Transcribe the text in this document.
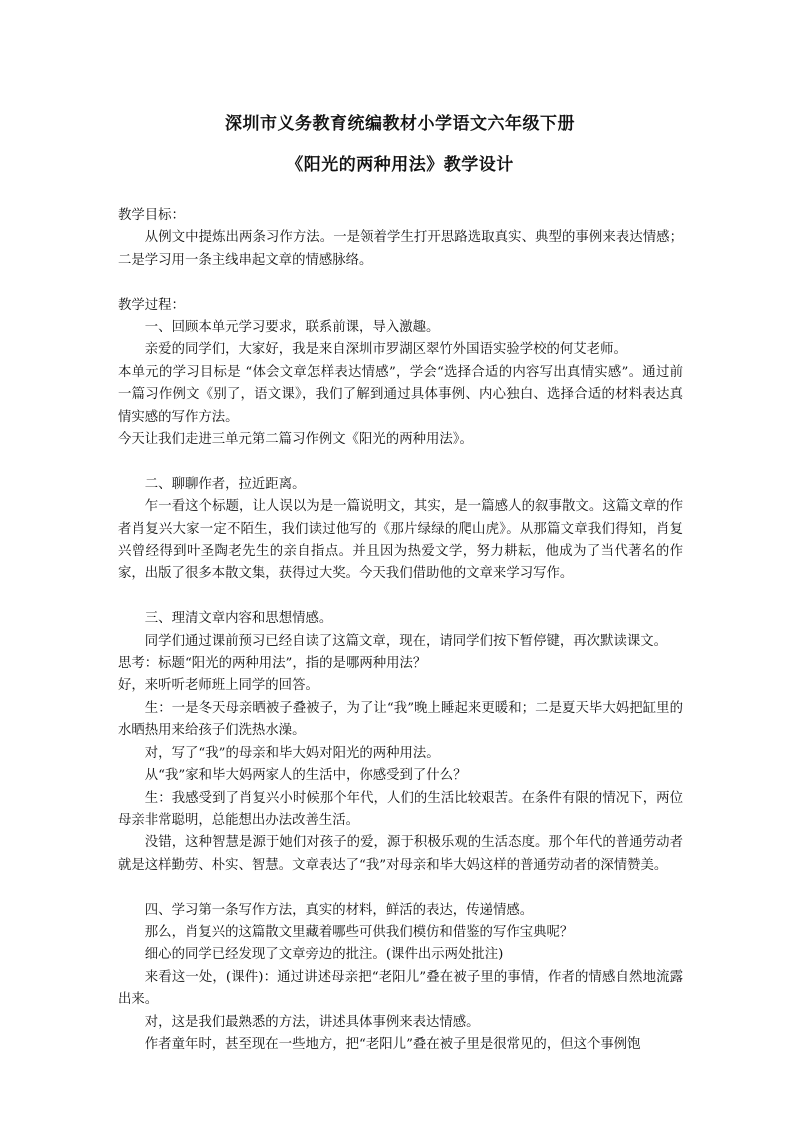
深圳市义务教育统编教材小学语文六年级下册
《阳光的两种用法》教学设计

教学目标：

从例文中提炼出两条习作方法。一是领着学生打开思路选取真实、典型的事例来表达情感；二是学习用一条主线串起文章的情感脉络。

教学过程：

一、回顾本单元学习要求，联系前课，导入激趣。

亲爱的同学们，大家好，我是来自深圳市罗湖区翠竹外国语实验学校的何艾老师。

本单元的学习目标是 “体会文章怎样表达情感”，学会“选择合适的内容写出真情实感”。通过前一篇习作例文《别了，语文课》，我们了解到通过具体事例、内心独白、选择合适的材料表达真情实感的写作方法。

今天让我们走进三单元第二篇习作例文《阳光的两种用法》。

二、聊聊作者，拉近距离。

乍一看这个标题，让人误以为是一篇说明文，其实，是一篇感人的叙事散文。这篇文章的作者肖复兴大家一定不陌生，我们读过他写的《那片绿绿的爬山虎》。从那篇文章我们得知，肖复兴曾经得到叶圣陶老先生的亲自指点。并且因为热爱文学，努力耕耘，他成为了当代著名的作家，出版了很多本散文集，获得过大奖。今天我们借助他的文章来学习写作。

三、理清文章内容和思想情感。

同学们通过课前预习已经自读了这篇文章，现在，请同学们按下暂停键，再次默读课文。

思考：标题“阳光的两种用法”，指的是哪两种用法？

好，来听听老师班上同学的回答。

生：一是冬天母亲晒被子叠被子，为了让“我”晚上睡起来更暖和；二是夏天毕大妈把缸里的水晒热用来给孩子们洗热水澡。

对，写了“我”的母亲和毕大妈对阳光的两种用法。

从“我”家和毕大妈两家人的生活中，你感受到了什么？

生：我感受到了肖复兴小时候那个年代，人们的生活比较艰苦。在条件有限的情况下，两位母亲非常聪明，总能想出办法改善生活。

没错，这种智慧是源于她们对孩子的爱，源于积极乐观的生活态度。那个年代的普通劳动者就是这样勤劳、朴实、智慧。文章表达了“我”对母亲和毕大妈这样的普通劳动者的深情赞美。

四、学习第一条写作方法，真实的材料，鲜活的表达，传递情感。

那么，肖复兴的这篇散文里藏着哪些可供我们模仿和借鉴的写作宝典呢？

细心的同学已经发现了文章旁边的批注。(课件出示两处批注)

来看这一处，(课件)：通过讲述母亲把“老阳儿”叠在被子里的事情，作者的情感自然地流露出来。

对，这是我们最熟悉的方法，讲述具体事例来表达情感。

作者童年时，甚至现在一些地方，把“老阳儿”叠在被子里是很常见的，但这个事例饱
